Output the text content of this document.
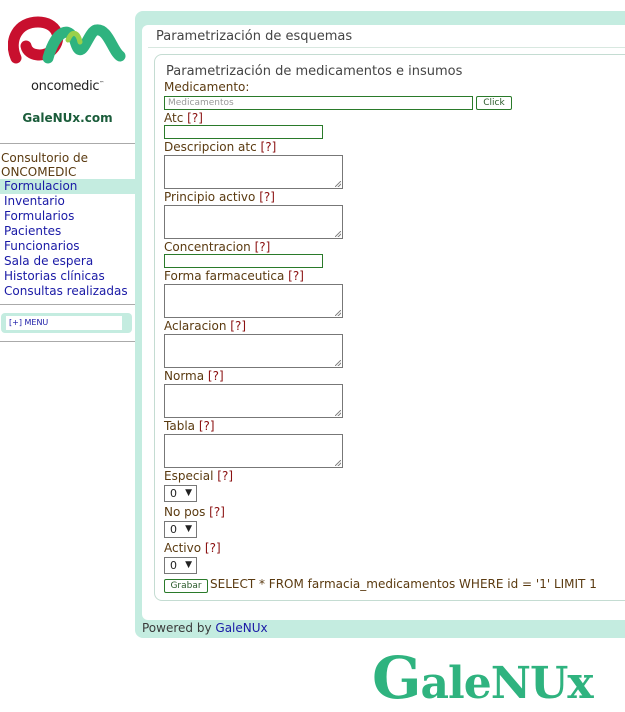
oncomedic™
GaleNUx.com
Consultorio de
ONCOMEDIC
Formulacion
Inventario
Formularios
Pacientes
Funcionarios
Sala de espera
Historias clínicas
Consultas realizadas
[+] MENU
Parametrización de esquemas
Parametrización de medicamentos e insumos
Medicamento:
Medicamentos	Click
Atc [?]
Descripcion atc [?]
Principio activo [?]
Concentracion [?]
Forma farmaceutica [?]
Aclaracion [?]
Norma [?]
Tabla [?]
Especial [?]
0 ▼
No pos [?]
0 ▼
Activo [?]
0 ▼
Grabar SELECT * FROM farmacia_medicamentos WHERE id = '1' LIMIT 1
Powered by GaleNUx
GaleNUx
